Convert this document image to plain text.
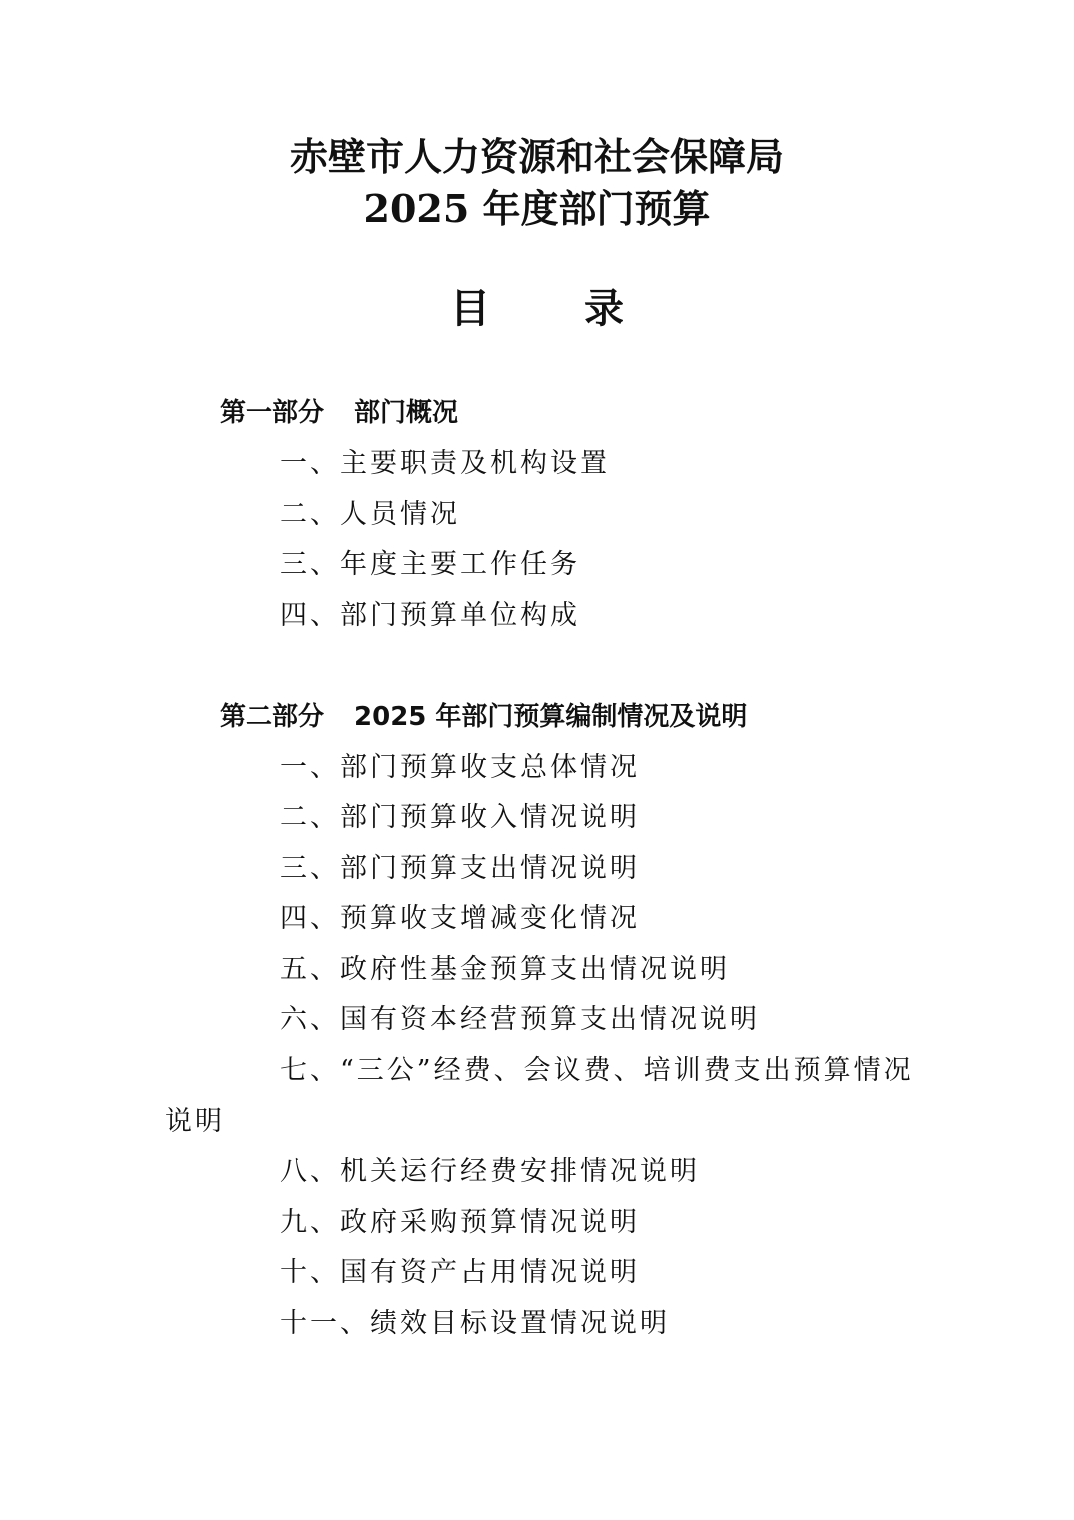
赤壁市人力资源和社会保障局
2025 年度部门预算
目 录
第一部分 部门概况
一、主要职责及机构设置
二、人员情况
三、年度主要工作任务
四、部门预算单位构成
第二部分 2025 年部门预算编制情况及说明
一、部门预算收支总体情况
二、部门预算收入情况说明
三、部门预算支出情况说明
四、预算收支增减变化情况
五、政府性基金预算支出情况说明
六、国有资本经营预算支出情况说明
七、“三公”经费、会议费、培训费支出预算情况
说明
八、机关运行经费安排情况说明
九、政府采购预算情况说明
十、国有资产占用情况说明
十一、绩效目标设置情况说明
